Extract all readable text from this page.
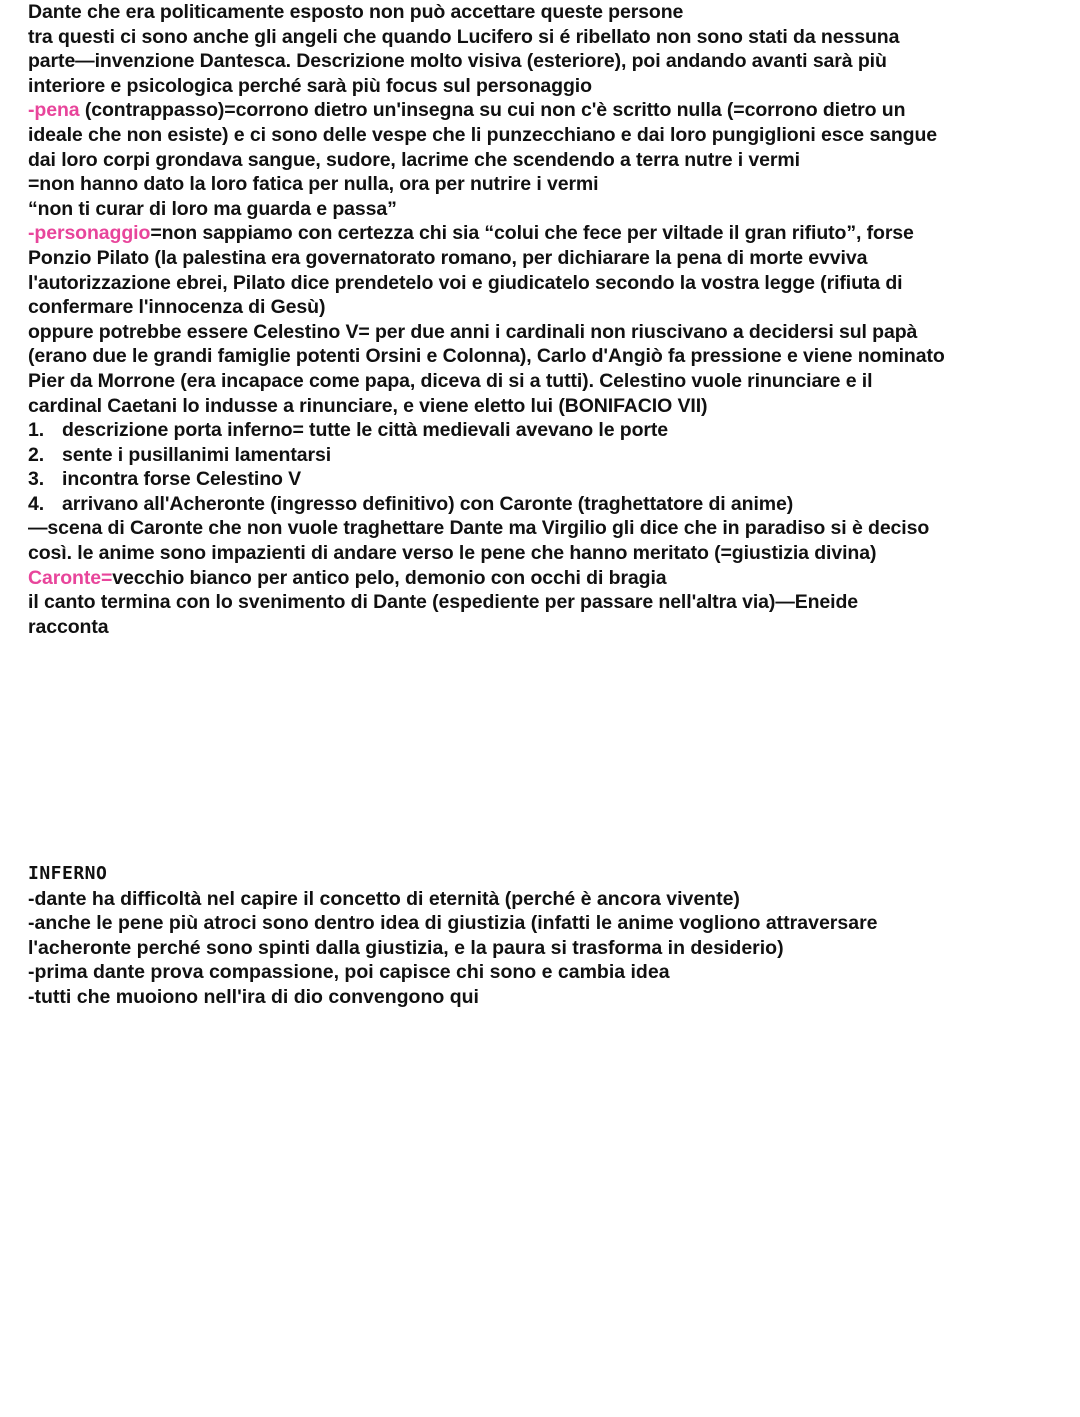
Dante che era politicamente esposto non può accettare queste persone
tra questi ci sono anche gli angeli che quando Lucifero si é ribellato non sono stati da nessuna
parte—invenzione Dantesca. Descrizione molto visiva (esteriore), poi andando avanti sarà più
interiore e psicologica perché sarà più focus sul personaggio
-pena (contrappasso)=corrono dietro un'insegna su cui non c'è scritto nulla (=corrono dietro un
ideale che non esiste) e ci sono delle vespe che li punzecchiano e dai loro pungiglioni esce sangue
dai loro corpi grondava sangue, sudore, lacrime che scendendo a terra nutre i vermi
=non hanno dato la loro fatica per nulla, ora per nutrire i vermi
“non ti curar di loro ma guarda e passa”
-personaggio=non sappiamo con certezza chi sia “colui che fece per viltade il gran rifiuto”, forse
Ponzio Pilato (la palestina era governatorato romano, per dichiarare la pena di morte evviva
l'autorizzazione ebrei, Pilato dice prendetelo voi e giudicatelo secondo la vostra legge (rifiuta di
confermare l'innocenza di Gesù)
oppure potrebbe essere Celestino V= per due anni i cardinali non riuscivano a decidersi sul papà
(erano due le grandi famiglie potenti Orsini e Colonna), Carlo d'Angiò fa pressione e viene nominato
Pier da Morrone (era incapace come papa, diceva di si a tutti). Celestino vuole rinunciare e il
cardinal Caetani lo indusse a rinunciare, e viene eletto lui (BONIFACIO VII)
1. descrizione porta inferno= tutte le città medievali avevano le porte
2. sente i pusillanimi lamentarsi
3. incontra forse Celestino V
4. arrivano all'Acheronte (ingresso definitivo) con Caronte (traghettatore di anime)
—scena di Caronte che non vuole traghettare Dante ma Virgilio gli dice che in paradiso si è deciso
così. le anime sono impazienti di andare verso le pene che hanno meritato (=giustizia divina)
Caronte=vecchio bianco per antico pelo, demonio con occhi di bragia
il canto termina con lo svenimento di Dante (espediente per passare nell'altra via)—Eneide
racconta
INFERNO
-dante ha difficoltà nel capire il concetto di eternità (perché è ancora vivente)
-anche le pene più atroci sono dentro idea di giustizia (infatti le anime vogliono attraversare
l'acheronte perché sono spinti dalla giustizia, e la paura si trasforma in desiderio)
-prima dante prova compassione, poi capisce chi sono e cambia idea
-tutti che muoiono nell'ira di dio convengono qui
